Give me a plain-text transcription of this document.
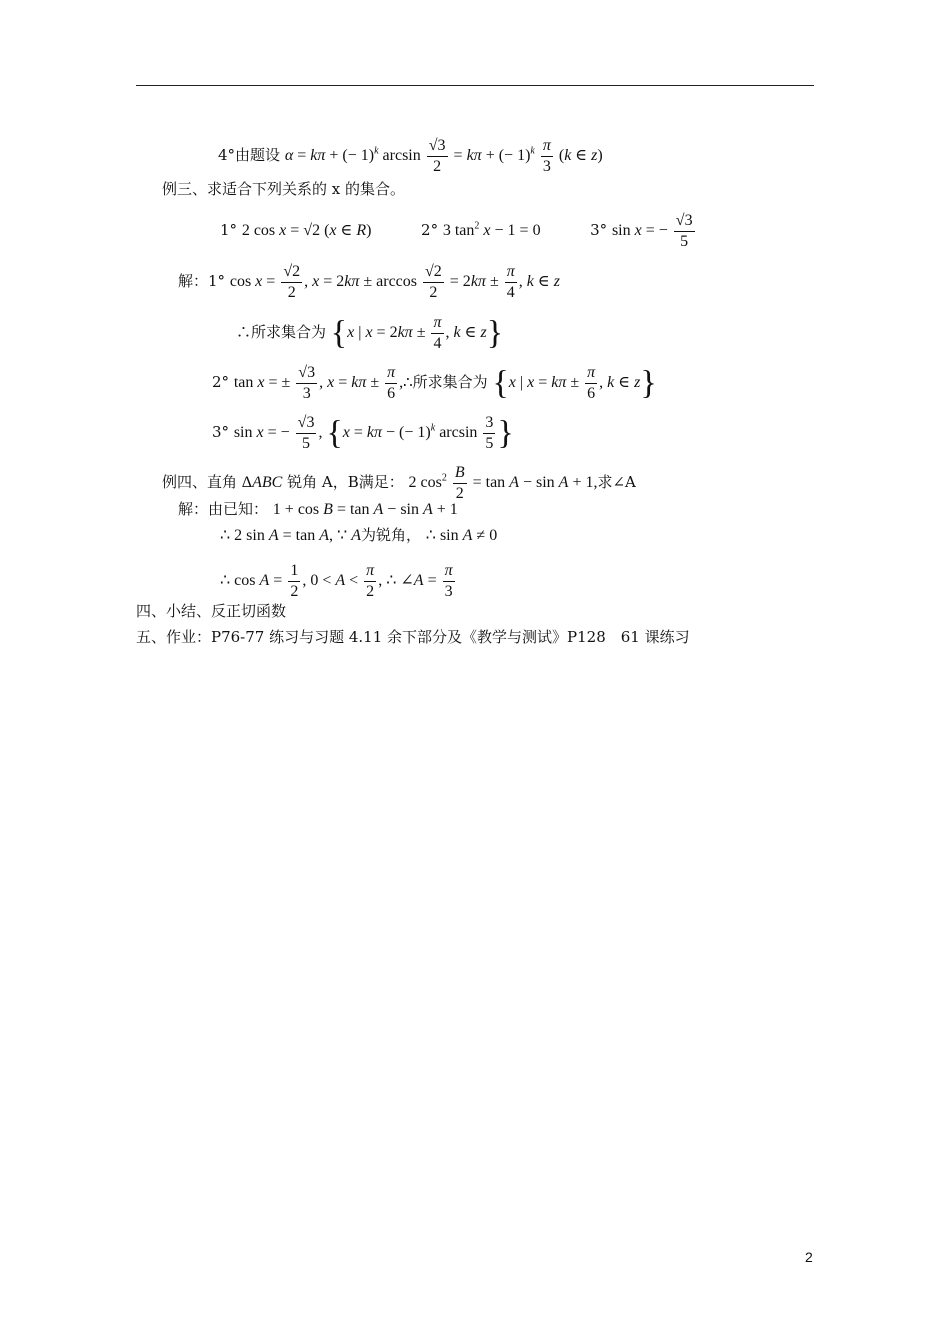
4°由题设 α = kπ + (− 1)$^k$ $\arcsin \frac{√3}{2} = k\pi$ + (− $1)^k \frac{\pi}{3} (k$ ∈ z)
例三、求适合下列关系的 x 的集合。
1° 2 cos x = √2 (x ∈ R)	2° 3 $\tan^2 x - 1 = 0$	3° sin x = − $\frac{√3}{5}$
解：1° $\cos x = \frac{√2}{2}$ , $x = 2k\pi \pm \arccos \frac{√2}{2} = 2k\pi \pm \frac{\pi}{4}$ , k ∈ z
∴所求集合为 {x | $x = 2k\pi \pm \frac{\pi}{4}$ , k ∈ z}
2° tan x = ± $\frac{√3}{3}$ , $x = k\pi \pm \frac{\pi}{6}$ ,∴所求集合为 {x | $x = k\pi \pm \frac{\pi}{6}$ , k ∈ z}
3° sin x = − $\frac{√3}{5}$ , {x = kπ − (− 1)$^k$ $\arcsin \frac{3}{5}$ }
例四、直角 ΔABC 锐角 A，B满足： 2 $\cos^2 \frac{B}{2} = \tan A - \sin A + 1$,求∠A
解：由已知： 1 + cos B = tan A − sin A + 1
∴ 2 sin A = tan A, ∵ A为锐角， ∴ sin A ≠ 0
∴ $\cos A = \frac{1}{2}$ , $0 < A < \frac{\pi}{2}$ , ∴ ∠A = $\frac{\pi}{3}$
四、小结、反正切函数
五、作业：P76-77 练习与习题 4.11 余下部分及《教学与测试》P128　61 课练习
2
